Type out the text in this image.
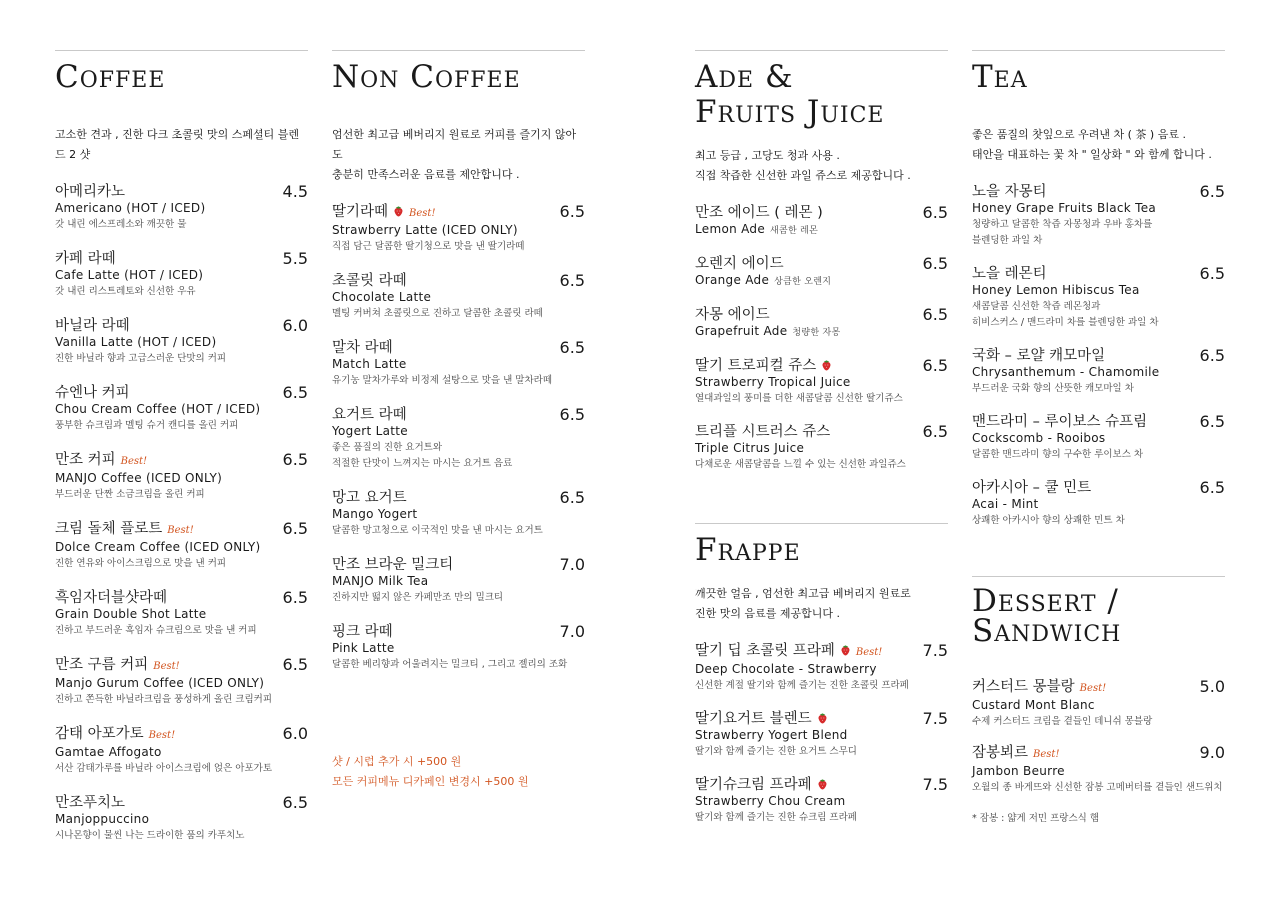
Coffee

고소한 견과 , 진한 다크 초콜릿 맛의 스페셜티 블렌드 2 샷

아메리카노
Americano (HOT / ICED)
갓 내린 에스프레소와 깨끗한 물
4.5
카페 라떼
Cafe Latte (HOT / ICED)
갓 내린 리스트레토와 신선한 우유
5.5
바닐라 라떼
Vanilla Latte (HOT / ICED)
진한 바닐라 향과 고급스러운 단맛의 커피
6.0
슈엔나 커피
Chou Cream Coffee (HOT / ICED)
풍부한 슈크림과 멜팅 슈거 캔디를 올린 커피
6.5
만조 커피 Best!
MANJO Coffee (ICED ONLY)
부드러운 단짠 소금크림을 올린 커피
6.5
크림 돌체 플로트 Best!
Dolce Cream Coffee (ICED ONLY)
진한 연유와 아이스크림으로 맛을 낸 커피
6.5
흑임자더블샷라떼
Grain Double Shot Latte
진하고 부드러운 흑임자 슈크림으로 맛을 낸 커피
6.5
만조 구름 커피 Best!
Manjo Gurum Coffee (ICED ONLY)
진하고 쫀득한 바닐라크림을 풍성하게 올린 크림커피
6.5
감태 아포가토 Best!
Gamtae Affogato
서산 감태가루를 바닐라 아이스크림에 얹은 아포가토
6.0
만조푸치노
Manjoppuccino
시나몬향이 물씬 나는 드라이한 품의 카푸치노
6.5
Non Coffee

엄선한 최고급 베버리지 원료로 커피를 즐기지 않아도
충분히 만족스러운 음료를 제안합니다 .

딸기라떼 Best!
Strawberry Latte (ICED ONLY)
직접 담근 달콤한 딸기청으로 맛을 낸 딸기라떼
6.5
초콜릿 라떼
Chocolate Latte
멜팅 커버쳐 초콜릿으로 진하고 달콤한 초콜릿 라떼
6.5
말차 라떼
Match Latte
유기농 말차가루와 비정제 설탕으로 맛을 낸 말차라떼
6.5
요거트 라떼
Yogert Latte
좋은 품질의 진한 요거트와
적절한 단맛이 느껴지는 마시는 요거트 음료
6.5
망고 요거트
Mango Yogert
달콤한 망고청으로 이국적인 맛을 낸 마시는 요거트
6.5
만조 브라운 밀크티
MANJO Milk Tea
진하지만 떫지 않은 카페만조 만의 밀크티
7.0
핑크 라떼
Pink Latte
달콤한 베리향과 어울려지는 밀크티 , 그리고 젤리의 조화
7.0
샷 / 시럽 추가 시 +500 원
모든 커피메뉴 디카페인 변경시 +500 원
Ade &
Fruits Juice

최고 등급 , 고당도 청과 사용 .
직접 착즙한 신선한 과일 쥬스로 제공합니다 .

만조 에이드 ( 레몬 )
Lemon Ade 새콤한 레몬
6.5
오렌지 에이드
Orange Ade 상큼한 오렌지
6.5
자몽 에이드
Grapefruit Ade 청량한 자몽
6.5
딸기 트로피컬 쥬스
Strawberry Tropical Juice
열대과일의 풍미를 더한 새콤달콤 신선한 딸기쥬스
6.5
트리플 시트러스 쥬스
Triple Citrus Juice
다채로운 새콤달콤을 느낄 수 있는 신선한 과일쥬스
6.5
Frappe

깨끗한 얼음 , 엄선한 최고급 베버리지 원료로
진한 맛의 음료를 제공합니다 .

딸기 딥 초콜릿 프라페 Best!
Deep Chocolate - Strawberry
신선한 계절 딸기와 함께 즐기는 진한 초콜릿 프라페
7.5
딸기요거트 블렌드
Strawberry Yogert Blend
딸기와 함께 즐기는 진한 요거트 스무디
7.5
딸기슈크림 프라페
Strawberry Chou Cream
딸기와 함께 즐기는 진한 슈크림 프라페
7.5
Tea

좋은 품질의 찻잎으로 우려낸 차 ( 茶 ) 음료 .
태안을 대표하는 꽃 차 " 일상화 " 와 함께 합니다 .

노을 자몽티
Honey Grape Fruits Black Tea
청량하고 달콤한 착즙 자몽청과 우바 홍차를
블렌딩한 과일 차
6.5
노을 레몬티
Honey Lemon Hibiscus Tea
새콤달콤 신선한 착즙 레몬청과
히비스커스 / 맨드라미 차를 블렌딩한 과일 차
6.5
국화 – 로얄 캐모마일
Chrysanthemum - Chamomile
부드러운 국화 향의 산뜻한 캐모마일 차
6.5
맨드라미 – 루이보스 슈프림
Cockscomb - Rooibos
달콤한 맨드라미 향의 구수한 루이보스 차
6.5
아카시아 – 쿨 민트
Acai - Mint
상쾌한 아카시아 향의 상쾌한 민트 차
6.5
Dessert /
Sandwich
커스터드 몽블랑 Best!
Custard Mont Blanc
수제 커스터드 크림을 곁들인 데니쉬 몽블랑
5.0
잠봉뵈르 Best!
Jambon Beurre
오월의 종 바게뜨와 신선한 잠봉 고메버터를 곁들인 샌드위치
9.0
* 잠봉 : 얇게 저민 프랑스식 햄
